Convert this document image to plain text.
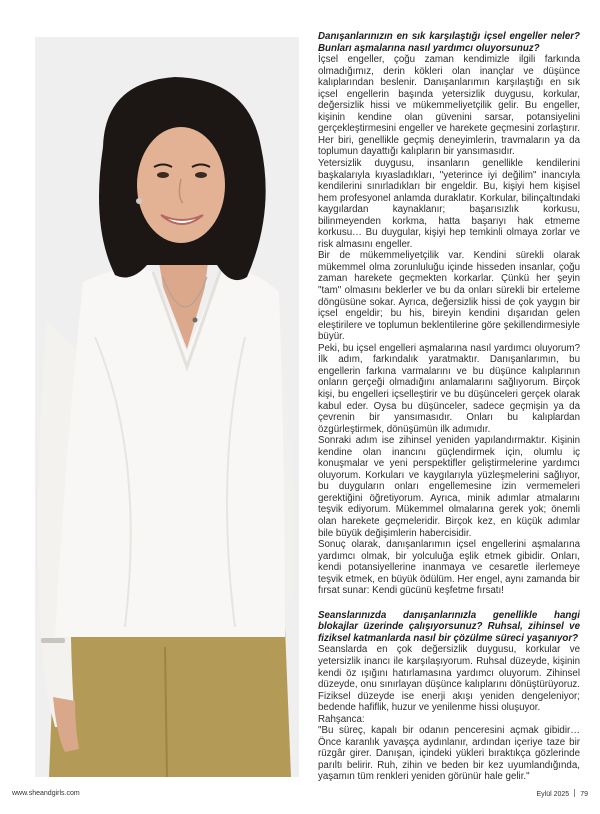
Danışanlarınızın en sık karşılaştığı içsel engeller neler? Bunları aşmalarına nasıl yardımcı oluyorsunuz?

İçsel engeller, çoğu zaman kendimizle ilgili farkında olmadığımız, derin kökleri olan inançlar ve düşünce kalıplarından beslenir. Danışanlarımın karşılaştığı en sık içsel engellerin başında yetersizlik duygusu, korkular, değersizlik hissi ve mükemmeliyetçilik gelir. Bu engeller, kişinin kendine olan güvenini sarsar, potansiyelini gerçekleştirmesini engeller ve harekete geçmesini zorlaştırır. Her biri, genellikle geçmiş deneyimlerin, travmaların ya da toplumun dayattığı kalıpların bir yansımasıdır.

Yetersizlik duygusu, insanların genellikle kendilerini başkalarıyla kıyasladıkları, "yeterince iyi değilim" inancıyla kendilerini sınırladıkları bir engeldir. Bu, kişiyi hem kişisel hem profesyonel anlamda duraklatır. Korkular, bilinçaltındaki kaygılardan kaynaklanır; başarısızlık korkusu, bilinmeyenden korkma, hatta başarıyı hak etmeme korkusu… Bu duygular, kişiyi hep temkinli olmaya zorlar ve risk almasını engeller.

Bir de mükemmeliyetçilik var. Kendini sürekli olarak mükemmel olma zorunluluğu içinde hisseden insanlar, çoğu zaman harekete geçmekten korkarlar. Çünkü her şeyin "tam" olmasını beklerler ve bu da onları sürekli bir erteleme döngüsüne sokar. Ayrıca, değersizlik hissi de çok yaygın bir içsel engeldir; bu his, bireyin kendini dışarıdan gelen eleştirilere ve toplumun beklentilerine göre şekillendirmesiyle büyür.

Peki, bu içsel engelleri aşmalarına nasıl yardımcı oluyorum? İlk adım, farkındalık yaratmaktır. Danışanlarımın, bu engellerin farkına varmalarını ve bu düşünce kalıplarının onların gerçeği olmadığını anlamalarını sağlıyorum. Birçok kişi, bu engelleri içselleştirir ve bu düşünceleri gerçek olarak kabul eder. Oysa bu düşünceler, sadece geçmişin ya da çevrenin bir yansımasıdır. Onları bu kalıplardan özgürleştirmek, dönüşümün ilk adımıdır.

Sonraki adım ise zihinsel yeniden yapılandırmaktır. Kişinin kendine olan inancını güçlendirmek için, olumlu iç konuşmalar ve yeni perspektifler geliştirmelerine yardımcı oluyorum. Korkuları ve kaygılarıyla yüzleşmelerini sağlıyor, bu duyguların onları engellemesine izin vermemeleri gerektiğini öğretiyorum. Ayrıca, minik adımlar atmalarını teşvik ediyorum. Mükemmel olmalarına gerek yok; önemli olan harekete geçmeleridir. Birçok kez, en küçük adımlar bile büyük değişimlerin habercisidir.

Sonuç olarak, danışanlarımın içsel engellerini aşmalarına yardımcı olmak, bir yolculuğa eşlik etmek gibidir. Onları, kendi potansiyellerine inanmaya ve cesaretle ilerlemeye teşvik etmek, en büyük ödülüm. Her engel, aynı zamanda bir fırsat sunar: Kendi gücünü keşfetme fırsatı!

Seanslarınızda danışanlarınızla genellikle hangi blokajlar üzerinde çalışıyorsunuz? Ruhsal, zihinsel ve fiziksel katmanlarda nasıl bir çözülme süreci yaşanıyor?

Seanslarda en çok değersizlik duygusu, korkular ve yetersizlik inancı ile karşılaşıyorum. Ruhsal düzeyde, kişinin kendi öz ışığını hatırlamasına yardımcı oluyorum. Zihinsel düzeyde, onu sınırlayan düşünce kalıplarını dönüştürüyoruz. Fiziksel düzeyde ise enerji akışı yeniden dengeleniyor; bedende hafiflik, huzur ve yenilenme hissi oluşuyor.

Rahşanca:

"Bu süreç, kapalı bir odanın penceresini açmak gibidir… Önce karanlık yavaşça aydınlanır, ardından içeriye taze bir rüzgâr girer. Danışan, içindeki yükleri bıraktıkça gözlerinde parıltı belirir. Ruh, zihin ve beden bir kez uyumlandığında, yaşamın tüm renkleri yeniden görünür hale gelir."

www.sheandgirls.com	Eylül 2025 79
